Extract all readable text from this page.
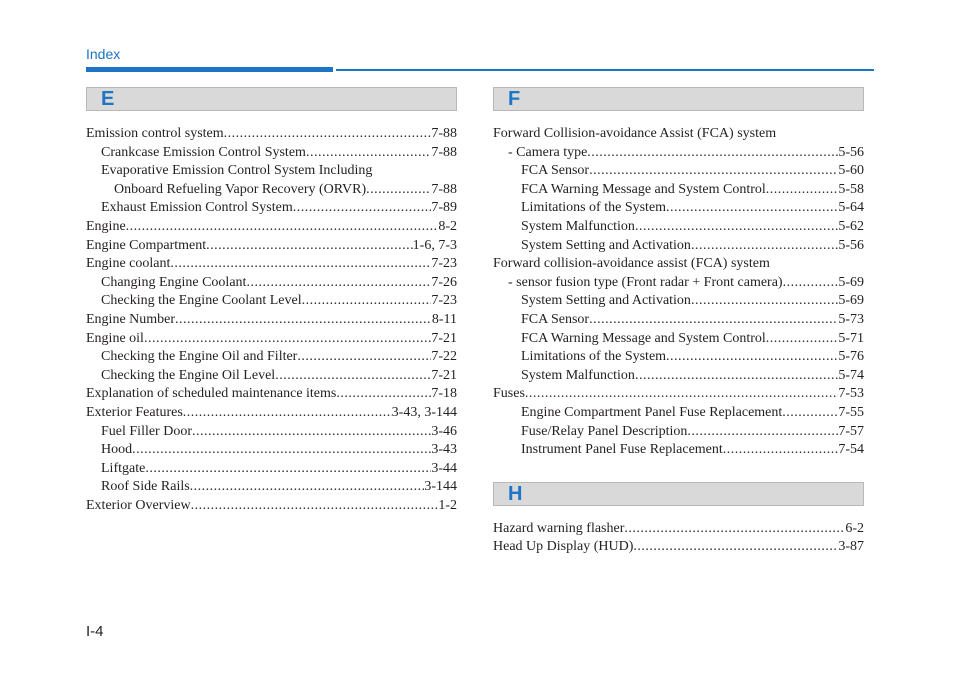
Index
E
Emission control system .....	7-88
Crankcase Emission Control System .....	7-88
Evaporative Emission Control System Including
Onboard Refueling Vapor Recovery (ORVR) .....	7-88
Exhaust Emission Control System .....	7-89
Engine .....	8-2
Engine Compartment .....	1-6, 7-3
Engine coolant .....	7-23
Changing Engine Coolant .....	7-26
Checking the Engine Coolant Level .....	7-23
Engine Number .....	8-11
Engine oil .....	7-21
Checking the Engine Oil and Filter .....	7-22
Checking the Engine Oil Level .....	7-21
Explanation of scheduled maintenance items .....	7-18
Exterior Features .....	3-43, 3-144
Fuel Filler Door .....	3-46
Hood .....	3-43
Liftgate .....	3-44
Roof Side Rails .....	3-144
Exterior Overview .....	1-2
F
Forward Collision-avoidance Assist (FCA) system
- Camera type .....	5-56
FCA Sensor .....	5-60
FCA Warning Message and System Control .....	5-58
Limitations of the System .....	5-64
System Malfunction .....	5-62
System Setting and Activation .....	5-56
Forward collision-avoidance assist (FCA) system
- sensor fusion type (Front radar + Front camera) .....	5-69
System Setting and Activation .....	5-69
FCA Sensor .....	5-73
FCA Warning Message and System Control .....	5-71
Limitations of the System .....	5-76
System Malfunction .....	5-74
Fuses .....	7-53
Engine Compartment Panel Fuse Replacement .....	7-55
Fuse/Relay Panel Description .....	7-57
Instrument Panel Fuse Replacement .....	7-54
H
Hazard warning flasher .....	6-2
Head Up Display (HUD) .....	3-87
I-4
